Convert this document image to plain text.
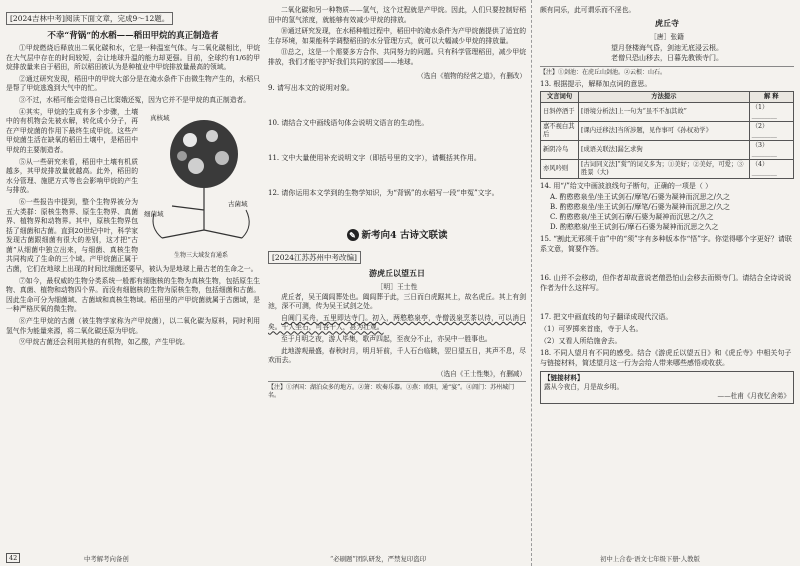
[2024吉林中考]阅读下面文章，完成9～12题。
不幸“背锅”的水稻——稻田甲烷的真正制造者

①甲烷燃烧后释放出二氧化碳和水，它是一种温室气体。与二氧化碳相比，甲烷在大气层中存在的时间较短，会让地球升温的能力却更强。目前，全球约有1/6的甲烷排放量来自于稻田，所以稻田被认为是种植业中甲烷排放量最高的领域。

②通过研究发现，稻田中的甲烷大部分是在淹水条件下由微生物产生的，水稻只是帮了甲烷逃逸到大气中的忙。

③不过，水稻可能会觉得自己比窦娥还冤，因为它并不是甲烷的真正制造者。

真核域
细菌域
古菌域
生物三大域发育通系

④其实，甲烷的生成有多个步骤，土壤中的有机物会先被水解，转化成小分子，再在产甲烷菌的作用下最终生成甲烷。这些产甲烷菌生活在缺氧的稻田土壤中，是稻田中甲烷的主要制造者。

⑤从一些研究来看，稻田中土壤有机质越多，其甲烷排放量就越高。此外，稻田的水分管理、施肥方式等也会影响甲烷的产生与排放。

⑥一些报告中提到，整个生物界被分为五大类群：原核生物界、原生生物界、真菌界、植物界和动物界。其中，原核生物界包括了细菌和古菌。直到20世纪中叶，科学家发现古菌跟细菌有很大的差别，这才把“古菌”从细菌中独立出来，与细菌、真核生物共同构成了生命的三个域。产甲烷菌正属于古菌，它们在地球上出现的时间比细菌还要早，被认为是地球上最古老的生命之一。

⑦如今，最权威的生物分类系统一般都有细胞核的生物为真核生物，包括原生生物、真菌、植物和动物四个界。而没有细胞核的生物为原核生物，包括细菌和古菌。因此生命可分为细菌域、古菌域和真核生物域。稻田里的产甲烷菌就属于古菌域，是一种严格厌氧的微生物。

⑧产生甲烷的古菌（被生物学家称为产甲烷菌），以二氧化碳为原料，同时利用氢气作为能量来源，将二氧化碳还原为甲烷。

⑨甲烷古菌还会利用其他的有机物，如乙酸，产生甲烷。

二氧化碳和另一种物质——氢气，这个过程就是产甲烷。因此，人们只要控制好稻田中的氢气浓度，就能够有效减少甲烷的排放。

⑩通过研究发现，在水稻种植过程中，稻田中的淹水条件为产甲烷菌提供了适宜的生存环境，如果能科学调整稻田的水分管理方式，就可以大幅减少甲烷的排放量。

⑪总之，这是一个需要多方合作、共同努力的问题。只有科学管理稻田，减少甲烷排放，我们才能守护好我们共同的家园——地球。

（选自《植物的经营之道》，有删改）
9. 请写出本文的说明对象。
10. 请结合文中画线语句体会说明文语言的生动性。
11. 文中大量使用补充说明文字（即括号里的文字），请概括其作用。
12. 请你运用本文学到的生物学知识，为“背锅”的水稻写一段“申冤”文字。
✎ 新考向4 古诗文联读
[2024江苏苏州中考改编]
游虎丘以望五日
［明］王士性

虎丘者，吴王阖闾葬处也。阖闾葬于此，三日而白虎踞其上，故名虎丘。其上有剑池，深不可测，传为吴王试剑之处。

自阊门买舟，五里即达寺门。初入，两憨憨泉亭，寺僧汲泉烹茶以待，可以消日矣。千人坐石，可容千人，甚为壮观。

至于月明之夜，游人毕集，歌声四起，至夜分不止，亦吴中一胜事也。

此地游观最盛，春秋时月，明月轩前，千人石台临眺，翌日望五日，其声不息，尽欢而去。

（选自《王士性集》，有删减）
【注】①泽国：湖泊众多的地方。②箫：吹奏乐器。③燕：欧阳，通“宴”。④阊门：苏州城门名。

颇有同乐，此可谓乐而不淫也。

虎丘寺
［唐］张籍
望月登楼海气昏，剑池无底浸云根。
老僧只恐山移去，日暮先教锁寺门。
【注】①剑池：在虎丘山剑池。②云根：山石。
13. 根据提示，解释加点词的意思。
文言词句	方法提示	解 释
日斜停酒于	[语境分析法]上一句为“虽不不加其故”	（1）________
嘉不视白其后	[课内迁移法]当所涉题，见作事可《孙权劝学》	（2）________
新阴冷鸟	[成语关联法]漏乞求狗	（3）________
亦风吟则	[古词同义法]“赏”的词义多为；①美好；②美好，可爱；③胜景（大)	（4）________
14. 用“/”给文中画波浪线句子断句，正确的一项是（ ）
A. 酌憨憨泉坐/坐王试剑石/摩笔/石婆为凝神而沉思之/久之
B. 酌憨憨泉坐/坐王试剑石/摩笔/石婆为凝神而沉思之/久之
C. 酌憨憨泉/坐王试剑石摩/石婆为凝神而沉思之/久之
D. 酌憨憨泉/坐王试剑石/摩石石婆为凝神而沉思之久之
15. “割此无邪须千亩”中的“须”字有多种版本作“悟”字。你觉得哪个字更好？请联系文意，简要作答。
16. 山并不会移动，但作者却故意说老僧恐怕山会移去而锁寺门。请结合全诗说说作者为什么这样写。
17. 把文中画直线的句子翻译成现代汉语。
（1）可罗掷来首座，寺于人名。
（2）又看人所给施舍去。
18. 不同人望月有不同的感受。结合《游虎丘以望五日》和《虎丘寺》中相关句子与链接材料，简述望月这一行为会给人带来哪些感悟或收获。
【链接材料】
露从今夜白，月是故乡明。
——杜甫《月夜忆舍弟》
42	中考解考向备创	“必刷题”团队研发，严禁复印盗印	初中上合卷·语文七年级下册·人教版
